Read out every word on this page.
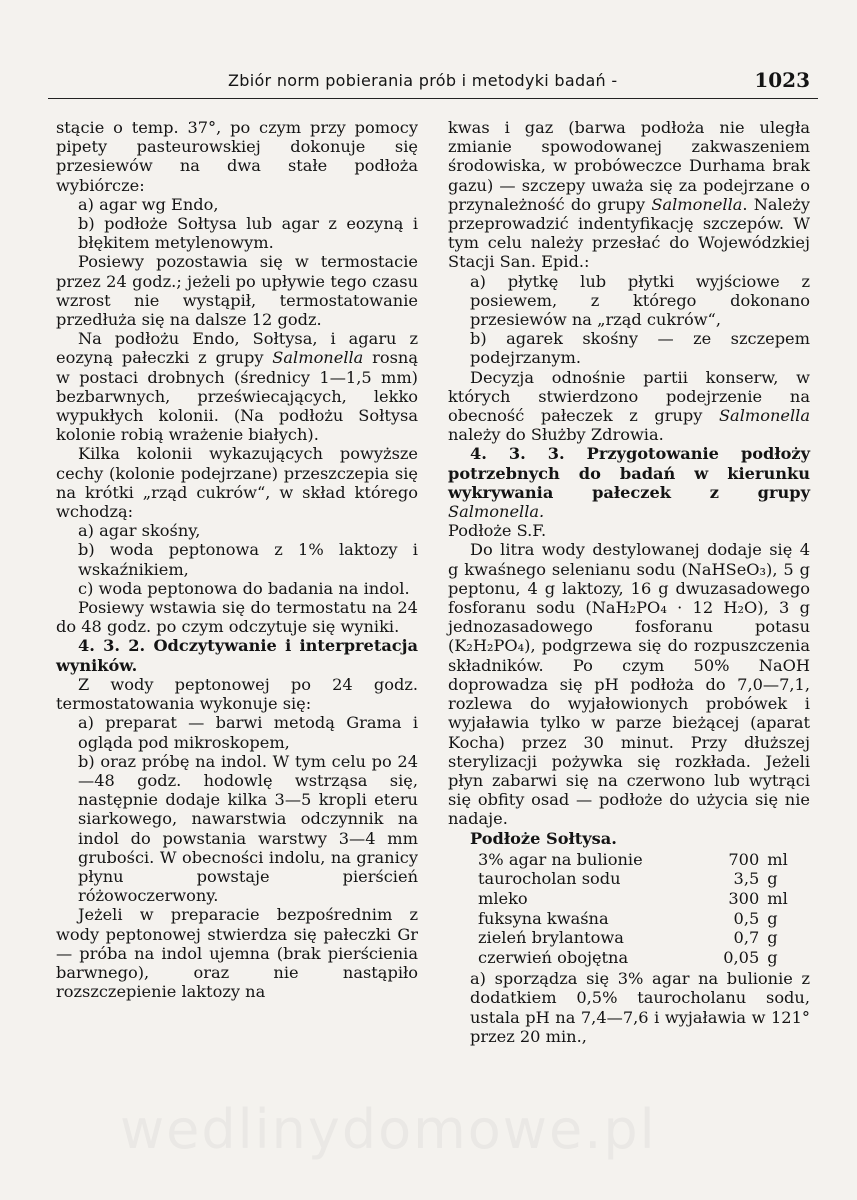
Zbiór norm pobierania prób i metodyki badań -	1023

stącie o temp. 37°, po czym przy pomocy pipety pasteurowskiej dokonuje się przesiewów na dwa stałe podłoża wybiórcze:

a) agar wg Endo,

b) podłoże Sołtysa lub agar z eozyną i błękitem metylenowym.

Posiewy pozostawia się w termostacie przez 24 godz.; jeżeli po upływie tego czasu wzrost nie wystąpił, termostatowanie przedłuża się na dalsze 12 godz.

Na podłożu Endo, Sołtysa, i agaru z eozyną pałeczki z grupy Salmonella rosną w postaci drobnych (średnicy 1—1,5 mm) bezbarwnych, przeświecających, lekko wypukłych kolonii. (Na podłożu Sołtysa kolonie robią wrażenie białych).

Kilka kolonii wykazujących powyższe cechy (kolonie podejrzane) przeszczepia się na krótki „rząd cukrów“, w skład którego wchodzą:

a) agar skośny,

b) woda peptonowa z 1% laktozy i wskaźnikiem,

c) woda peptonowa do badania na indol.

Posiewy wstawia się do termostatu na 24 do 48 godz. po czym odczytuje się wyniki.

4. 3. 2. Odczytywanie i interpretacja wyników.

Z wody peptonowej po 24 godz. termostatowania wykonuje się:

a) preparat — barwi metodą Grama i ogląda pod mikroskopem,

b) oraz próbę na indol. W tym celu po 24—48 godz. hodowlę wstrząsa się, następnie dodaje kilka 3—5 kropli eteru siarkowego, nawarstwia odczynnik na indol do powstania warstwy 3—4 mm grubości. W obecności indolu, na granicy płynu powstaje pierścień różowoczerwony.

Jeżeli w preparacie bezpośrednim z wody peptonowej stwierdza się pałeczki Gr — próba na indol ujemna (brak pierścienia barwnego), oraz nie nastąpiło rozszczepienie laktozy na

kwas i gaz (barwa podłoża nie uległa zmianie spowodowanej zakwaszeniem środowiska, w probóweczce Durhama brak gazu) — szczepy uważa się za podejrzane o przynależność do grupy Salmonella. Należy przeprowadzić indentyfikację szczepów. W tym celu należy przesłać do Wojewódzkiej Stacji San. Epid.:

a) płytkę lub płytki wyjściowe z posiewem, z którego dokonano przesiewów na „rząd cukrów“,

b) agarek skośny — ze szczepem podejrzanym.

Decyzja odnośnie partii konserw, w których stwierdzono podejrzenie na obecność pałeczek z grupy Salmonella należy do Służby Zdrowia.

4. 3. 3. Przygotowanie podłoży potrzebnych do badań w kierunku wykrywania pałeczek z grupy Salmonella.

Podłoże S.F.

Do litra wody destylowanej dodaje się 4 g kwaśnego selenianu sodu (NaHSeO₃), 5 g peptonu, 4 g laktozy, 16 g dwuzasadowego fosforanu sodu (NaH₂PO₄ · 12 H₂O), 3 g jednozasadowego fosforanu potasu (K₂H₂PO₄), podgrzewa się do rozpuszczenia składników. Po czym 50% NaOH doprowadza się pH podłoża do 7,0—7,1, rozlewa do wyjałowionych probówek i wyjaławia tylko w parze bieżącej (aparat Kocha) przez 30 minut. Przy dłuższej sterylizacji pożywka się rozkłada. Jeżeli płyn zabarwi się na czerwono lub wytrąci się obfity osad — podłoże do użycia się nie nadaje.

Podłoże Sołtysa.

3% agar na bulionie	700	ml
taurocholan sodu	3,5	g
mleko	300	ml
fuksyna kwaśna	0,5	g
zieleń brylantowa	0,7	g
czerwień obojętna	0,05	g

a) sporządza się 3% agar na bulionie z dodatkiem 0,5% taurocholanu sodu, ustala pH na 7,4—7,6 i wyjaławia w 121° przez 20 min.,

wedlinydomowe.pl
